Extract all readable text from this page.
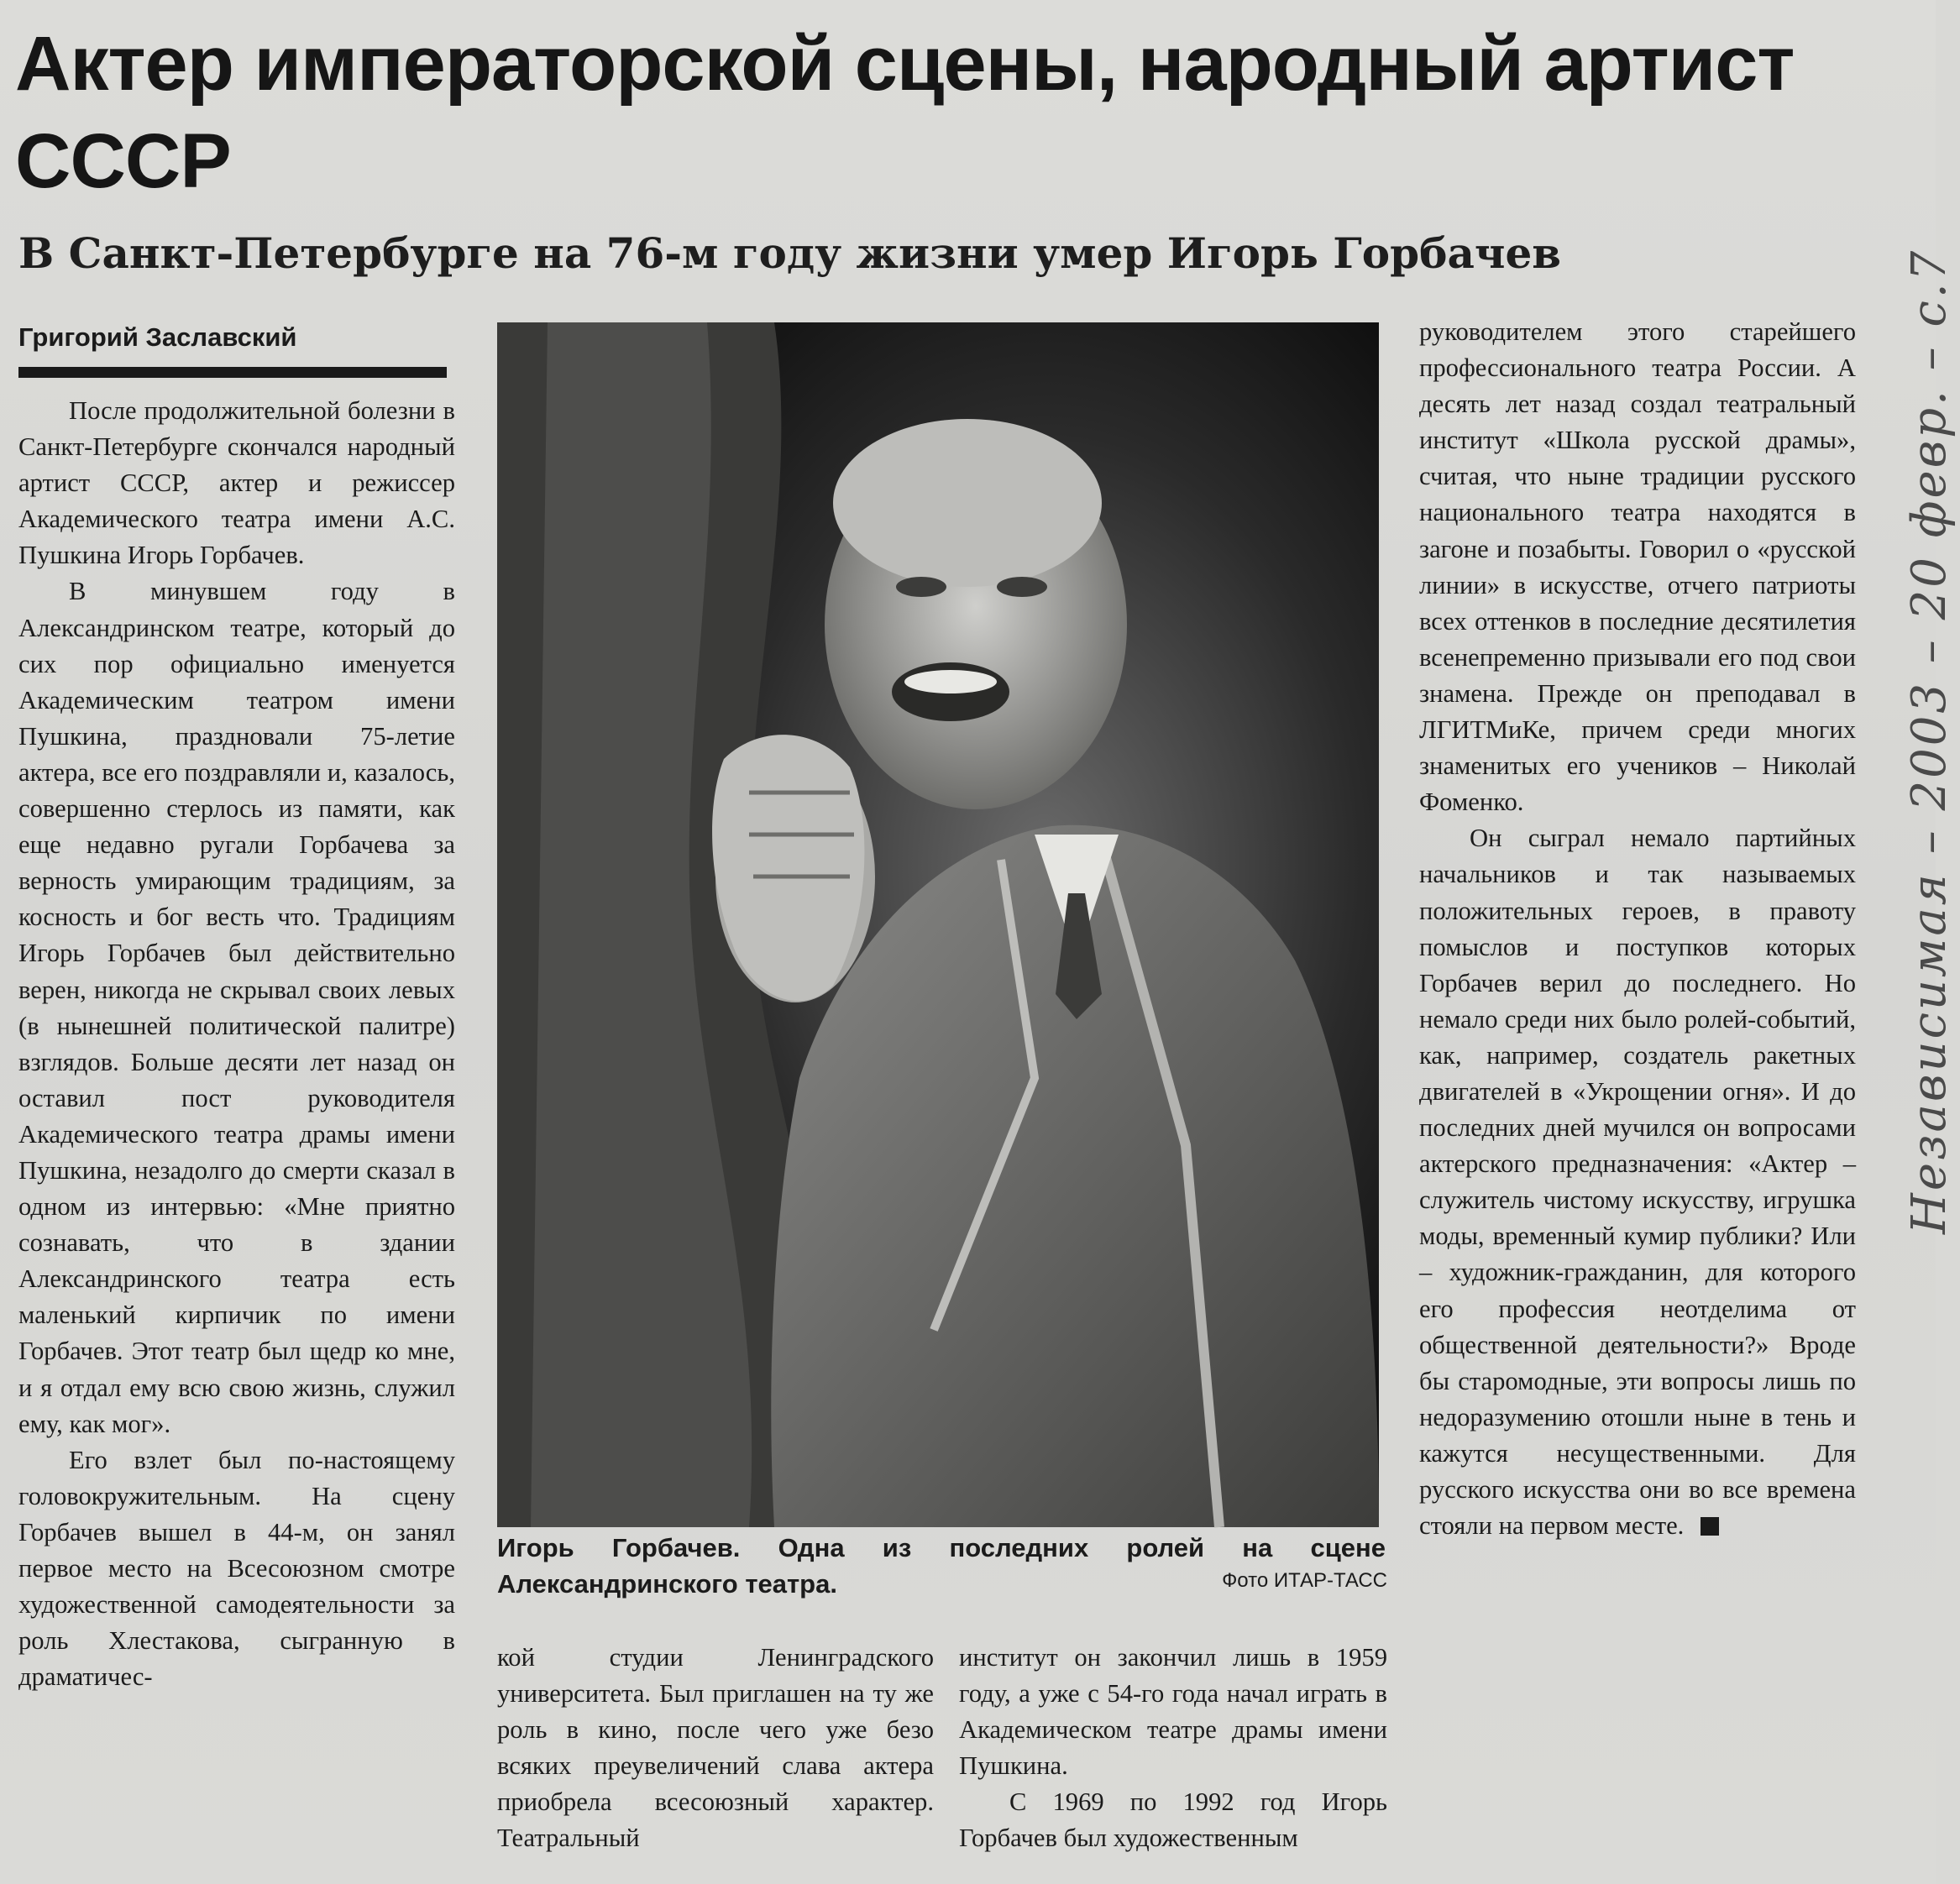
Актер императорской сцены, народный артист СССР
В Санкт-Петербурге на 76-м году жизни умер Игорь Горбачев
Григорий Заславский

После продолжительной болезни в Санкт-Петербурге скончался народный артист СССР, актер и режиссер Академического театра имени А.С. Пушкина Игорь Горбачев.

В минувшем году в Александринском театре, который до сих пор официально именуется Академическим театром имени Пушкина, праздновали 75-летие актера, все его поздравляли и, казалось, совершенно стерлось из памяти, как еще недавно ругали Горбачева за верность умирающим традициям, за косность и бог весть что. Традициям Игорь Горбачев был действительно верен, никогда не скрывал своих левых (в нынешней политической палитре) взглядов. Больше десяти лет назад он оставил пост руководителя Академического театра драмы имени Пушкина, незадолго до смерти сказал в одном из интервью: «Мне приятно сознавать, что в здании Александринского театра есть маленький кирпичик по имени Горбачев. Этот театр был щедр ко мне, и я отдал ему всю свою жизнь, служил ему, как мог».

Его взлет был по-настоящему головокружительным. На сцену Горбачев вышел в 44-м, он занял первое место на Всесоюзном смотре художественной самодеятельности за роль Хлестакова, сыгранную в драматичес-

Игорь Горбачев. Одна из последних ролей на сцене Александринского театра.	Фото ИТАР-ТАСС

кой студии Ленинградского университета. Был приглашен на ту же роль в кино, после чего уже безо всяких преувеличений слава актера приобрела всесоюзный характер. Театральный

институт он закончил лишь в 1959 году, а уже с 54-го года начал играть в Академическом театре драмы имени Пушкина.

С 1969 по 1992 год Игорь Горбачев был художественным

руководителем этого старейшего профессионального театра России. А десять лет назад создал театральный институт «Школа русской драмы», считая, что ныне традиции русского национального театра находятся в загоне и позабыты. Говорил о «русской линии» в искусстве, отчего патриоты всех оттенков в последние десятилетия всенепременно призывали его под свои знамена. Прежде он преподавал в ЛГИТМиКе, причем среди многих знаменитых его учеников – Николай Фоменко.

Он сыграл немало партийных начальников и так называемых положительных героев, в правоту помыслов и поступков которых Горбачев верил до последнего. Но немало среди них было ролей-событий, как, например, создатель ракетных двигателей в «Укрощении огня». И до последних дней мучился он вопросами актерского предназначения: «Актер – служитель чистому искусству, игрушка моды, временный кумир публики? Или – художник-гражданин, для которого его профессия неотделима от общественной деятельности?» Вроде бы старомодные, эти вопросы лишь по недоразумению отошли ныне в тень и кажутся несущественными. Для русского искусства они во все времена стояли на первом месте.

Независимая – 2003 – 20 февр. – с.7
